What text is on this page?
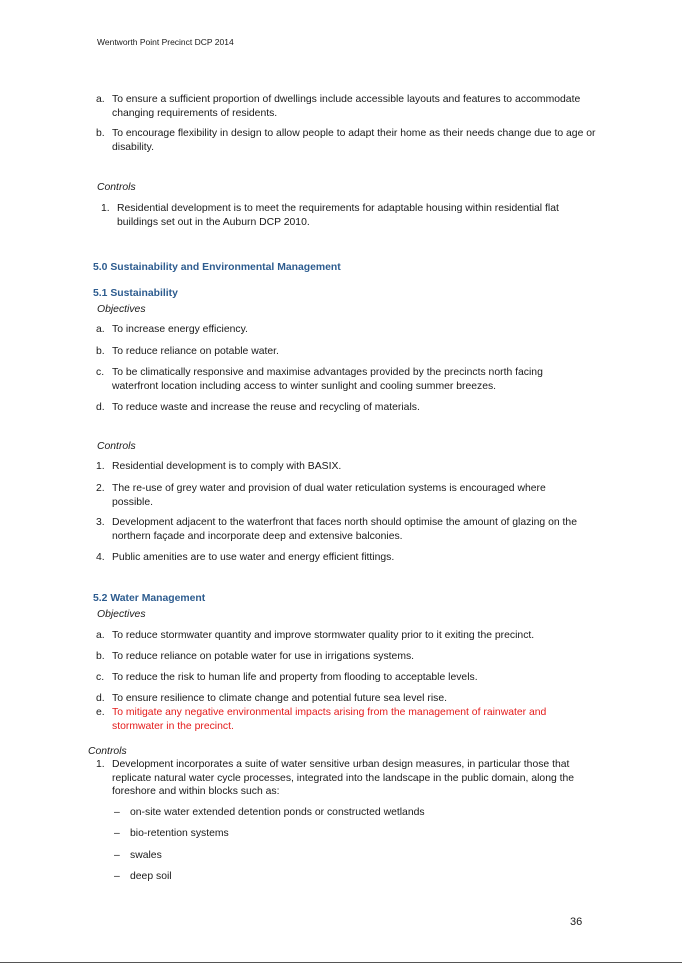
Wentworth Point Precinct DCP 2014
a. To ensure a sufficient proportion of dwellings include accessible layouts and features to accommodate changing requirements of residents.
b. To encourage flexibility in design to allow people to adapt their home as their needs change due to age or disability.
Controls
1. Residential development is to meet the requirements for adaptable housing within residential flat buildings set out in the Auburn DCP 2010.
5.0 Sustainability and Environmental Management
5.1 Sustainability
Objectives
a. To increase energy efficiency.
b. To reduce reliance on potable water.
c. To be climatically responsive and maximise advantages provided by the precincts north facing waterfront location including access to winter sunlight and cooling summer breezes.
d. To reduce waste and increase the reuse and recycling of materials.
Controls
1. Residential development is to comply with BASIX.
2. The re-use of grey water and provision of dual water reticulation systems is encouraged where possible.
3. Development adjacent to the waterfront that faces north should optimise the amount of glazing on the northern façade and incorporate deep and extensive balconies.
4. Public amenities are to use water and energy efficient fittings.
5.2 Water Management
Objectives
a. To reduce stormwater quantity and improve stormwater quality prior to it exiting the precinct.
b. To reduce reliance on potable water for use in irrigations systems.
c. To reduce the risk to human life and property from flooding to acceptable levels.
d. To ensure resilience to climate change and potential future sea level rise.
e. To mitigate any negative environmental impacts arising from the management of rainwater and stormwater in the precinct.
Controls
1. Development incorporates a suite of water sensitive urban design measures, in particular those that replicate natural water cycle processes, integrated into the landscape in the public domain, along the foreshore and within blocks such as:
– on-site water extended detention ponds or constructed wetlands
– bio-retention systems
– swales
– deep soil
36
